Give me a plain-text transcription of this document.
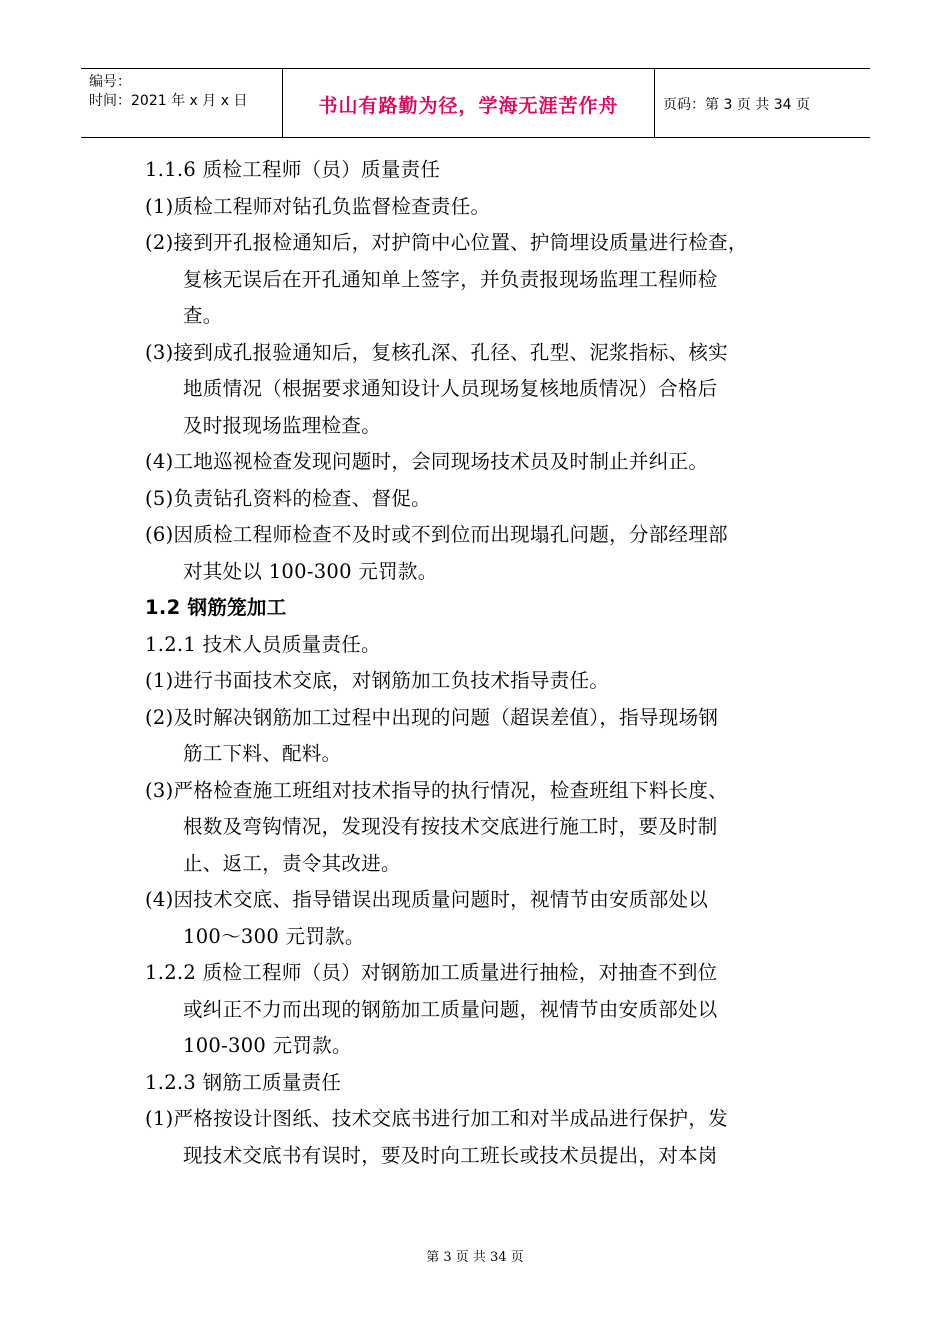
编号：
时间：2021 年 x 月 x 日	书山有路勤为径，学海无涯苦作舟	页码：第 3 页 共 34 页
1.1.6 质检工程师（员）质量责任
(1)质检工程师对钻孔负监督检查责任。
(2)接到开孔报检通知后，对护筒中心位置、护筒埋设质量进行检查，
复核无误后在开孔通知单上签字，并负责报现场监理工程师检
查。
(3)接到成孔报验通知后，复核孔深、孔径、孔型、泥浆指标、核实
地质情况（根据要求通知设计人员现场复核地质情况）合格后
及时报现场监理检查。
(4)工地巡视检查发现问题时，会同现场技术员及时制止并纠正。
(5)负责钻孔资料的检查、督促。
(6)因质检工程师检查不及时或不到位而出现塌孔问题，分部经理部
对其处以 100-300 元罚款。
1.2 钢筋笼加工
1.2.1 技术人员质量责任。
(1)进行书面技术交底，对钢筋加工负技术指导责任。
(2)及时解决钢筋加工过程中出现的问题（超误差值），指导现场钢
筋工下料、配料。
(3)严格检查施工班组对技术指导的执行情况，检查班组下料长度、
根数及弯钩情况，发现没有按技术交底进行施工时，要及时制
止、返工，责令其改进。
(4)因技术交底、指导错误出现质量问题时，视情节由安质部处以
100～300 元罚款。
1.2.2 质检工程师（员）对钢筋加工质量进行抽检，对抽查不到位
或纠正不力而出现的钢筋加工质量问题，视情节由安质部处以
100-300 元罚款。
1.2.3 钢筋工质量责任
(1)严格按设计图纸、技术交底书进行加工和对半成品进行保护，发
现技术交底书有误时，要及时向工班长或技术员提出，对本岗
第 3 页 共 34 页
